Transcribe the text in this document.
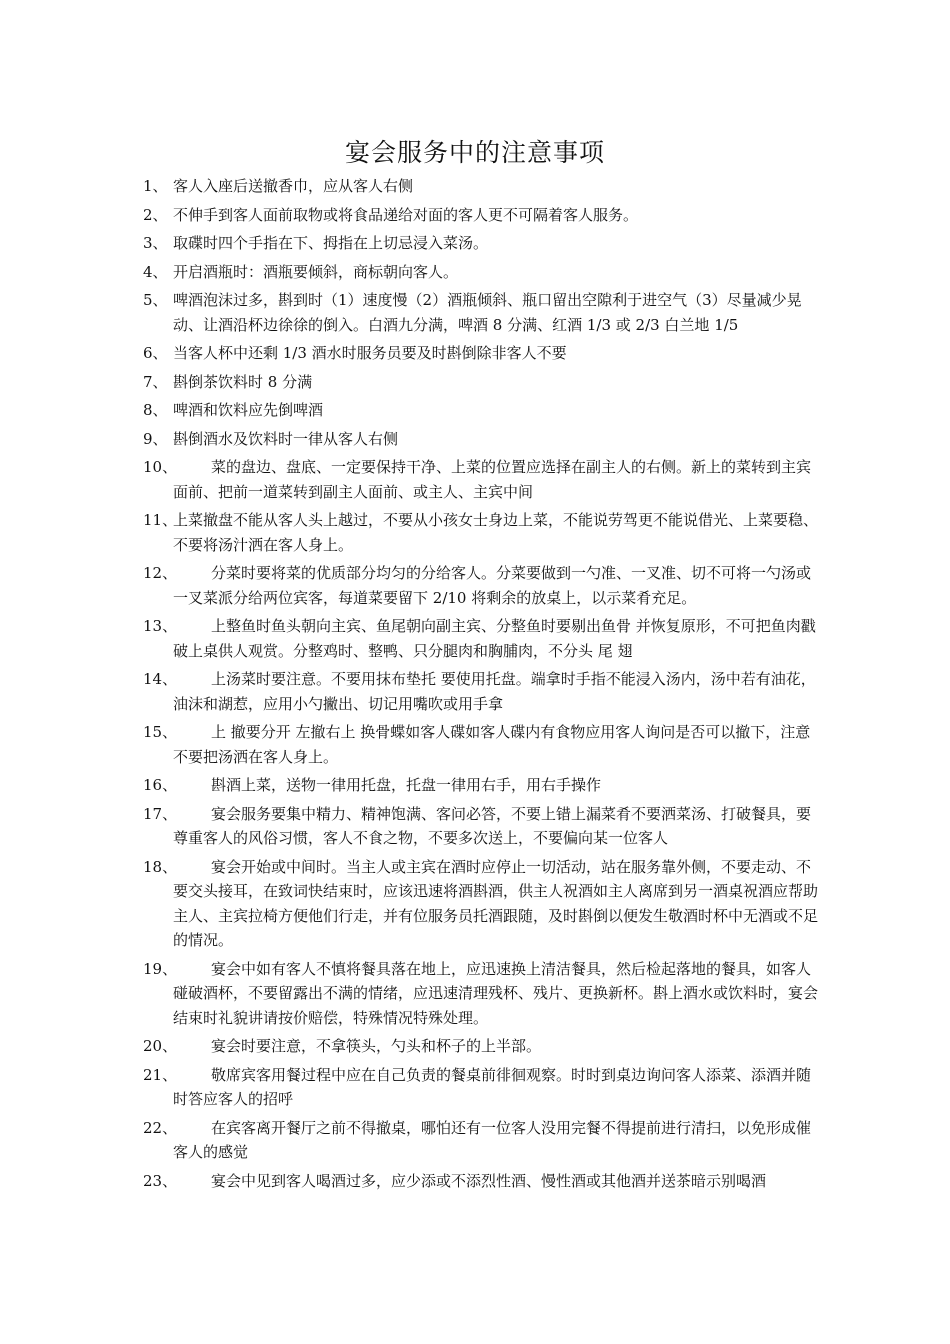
宴会服务中的注意事项
1、 客人入座后送撤香巾，应从客人右侧
2、 不伸手到客人面前取物或将食品递给对面的客人更不可隔着客人服务。
3、 取碟时四个手指在下、拇指在上切忌浸入菜汤。
4、 开启酒瓶时：酒瓶要倾斜，商标朝向客人。
5、 啤酒泡沫过多，斟到时（1）速度慢（2）酒瓶倾斜、瓶口留出空隙利于进空气（3）尽量减少晃动、让酒沿杯边徐徐的倒入。白酒九分满，啤酒 8 分满、红酒 1/3 或 2/3 白兰地 1/5
6、 当客人杯中还剩 1/3 酒水时服务员要及时斟倒除非客人不要
7、 斟倒茶饮料时 8 分满
8、 啤酒和饮料应先倒啤酒
9、 斟倒酒水及饮料时一律从客人右侧
10、	菜的盘边、盘底、一定要保持干净、上菜的位置应选择在副主人的右侧。新上的菜转到主宾面前、把前一道菜转到副主人面前、或主人、主宾中间
11、
上菜撤盘不能从客人头上越过，不要从小孩女士身边上菜，不能说劳驾更不能说借光、上菜要稳、不要将汤汁洒在客人身上。
12、	分菜时要将菜的优质部分均匀的分给客人。分菜要做到一勺准、一叉准、切不可将一勺汤或一叉菜派分给两位宾客，每道菜要留下 2/10 将剩余的放桌上，以示菜肴充足。
13、	上整鱼时鱼头朝向主宾、鱼尾朝向副主宾、分整鱼时要剔出鱼骨 并恢复原形，不可把鱼肉戳破上桌供人观赏。分整鸡时、整鸭、只分腿肉和胸脯肉，不分头 尾 翅
14、	上汤菜时要注意。不要用抹布垫托 要使用托盘。端拿时手指不能浸入汤内，汤中若有油花，油沫和湖惹，应用小勺撇出、切记用嘴吹或用手拿
15、	上 撤要分开 左撤右上 换骨蝶如客人碟如客人碟内有食物应用客人询问是否可以撤下，注意不要把汤洒在客人身上。
16、	斟酒上菜，送物一律用托盘，托盘一律用右手，用右手操作
17、	宴会服务要集中精力、精神饱满、客问必答，不要上错上漏菜肴不要洒菜汤、打破餐具，要尊重客人的风俗习惯，客人不食之物，不要多次送上，不要偏向某一位客人
18、	宴会开始或中间时。当主人或主宾在酒时应停止一切活动，站在服务靠外侧，不要走动、不要交头接耳，在致词快结束时，应该迅速将酒斟酒，供主人祝酒如主人离席到另一酒桌祝酒应帮助主人、主宾拉椅方便他们行走，并有位服务员托酒跟随，及时斟倒以便发生敬酒时杯中无酒或不足的情况。
19、	宴会中如有客人不慎将餐具落在地上，应迅速换上清洁餐具，然后检起落地的餐具，如客人碰破酒杯，不要留露出不满的情绪，应迅速清理残杯、残片、更换新杯。斟上酒水或饮料时，宴会结束时礼貌讲请按价赔偿，特殊情况特殊处理。
20、	宴会时要注意，不拿筷头，勺头和杯子的上半部。
21、	敬席宾客用餐过程中应在自己负责的餐桌前徘徊观察。时时到桌边询问客人添菜、添酒并随时答应客人的招呼
22、	在宾客离开餐厅之前不得撤桌，哪怕还有一位客人没用完餐不得提前进行清扫，以免形成催客人的感觉
23、	宴会中见到客人喝酒过多，应少添或不添烈性酒、慢性酒或其他酒并送茶暗示别喝酒
